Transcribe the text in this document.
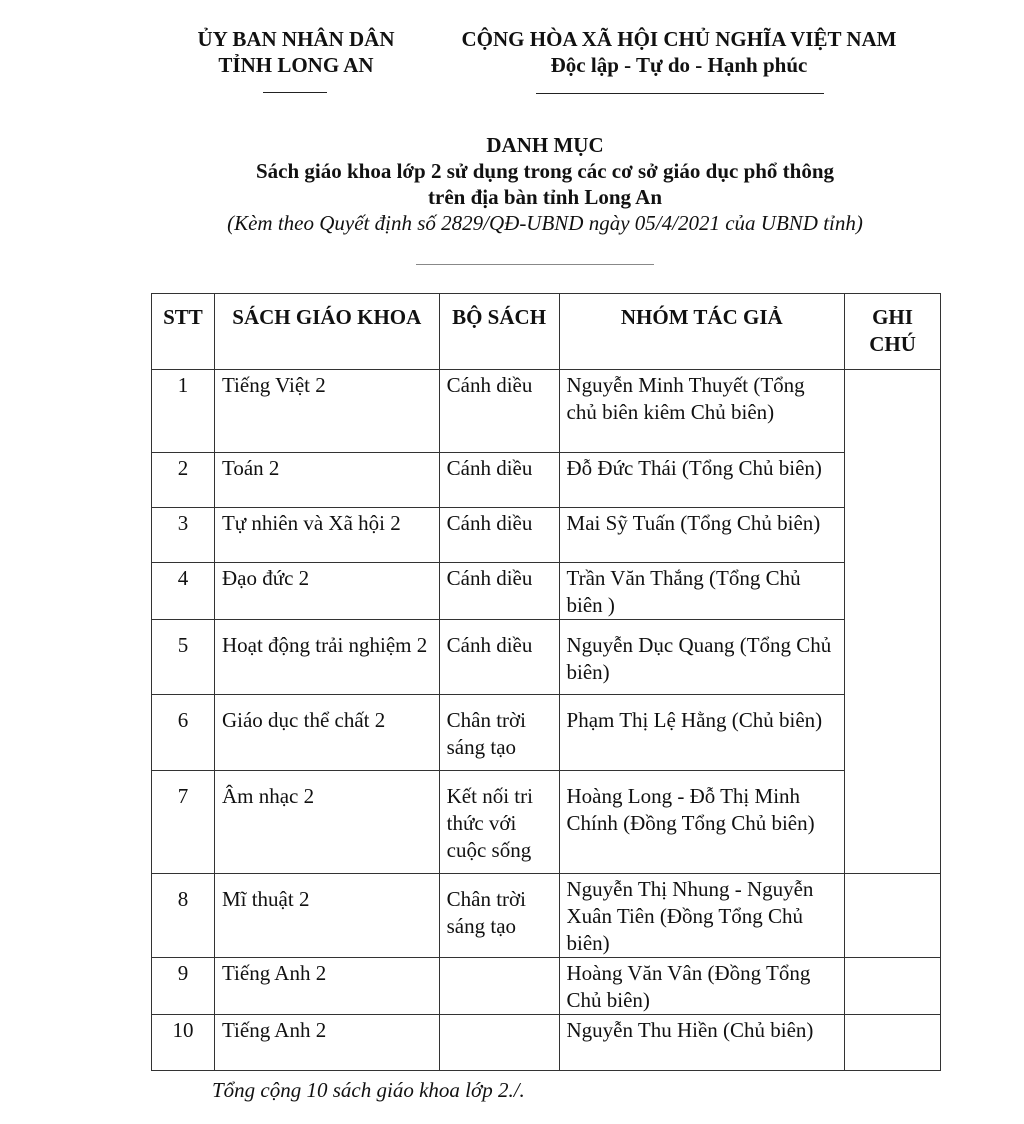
ỦY BAN NHÂN DÂN
TỈNH LONG AN
CỘNG HÒA XÃ HỘI CHỦ NGHĨA VIỆT NAM
Độc lập - Tự do - Hạnh phúc
DANH MỤC
Sách giáo khoa lớp 2 sử dụng trong các cơ sở giáo dục phổ thông
trên địa bàn tỉnh Long An
(Kèm theo Quyết định số 2829/QĐ-UBND ngày 05/4/2021 của UBND tỉnh)
STT	SÁCH GIÁO KHOA	BỘ SÁCH	NHÓM TÁC GIẢ	GHI CHÚ
1	Tiếng Việt 2	Cánh diều	Nguyễn Minh Thuyết (Tổng chủ biên kiêm Chủ biên)	
2	Toán 2	Cánh diều	Đỗ Đức Thái (Tổng Chủ biên)	
3	Tự nhiên và Xã hội 2	Cánh diều	Mai Sỹ Tuấn (Tổng Chủ biên)	
4	Đạo đức 2	Cánh diều	Trần Văn Thắng (Tổng Chủ biên )	
5	Hoạt động trải nghiệm 2	Cánh diều	Nguyễn Dục Quang (Tổng Chủ biên)	
6	Giáo dục thể chất 2	Chân trời sáng tạo	Phạm Thị Lệ Hằng (Chủ biên)	
7	Âm nhạc 2	Kết nối tri thức với cuộc sống	Hoàng Long - Đỗ Thị Minh Chính (Đồng Tổng Chủ biên)	
8	Mĩ thuật 2	Chân trời sáng tạo	Nguyễn Thị Nhung - Nguyễn Xuân Tiên (Đồng Tổng Chủ biên)	
9	Tiếng Anh 2		Hoàng Văn Vân (Đồng Tổng Chủ biên)	
10	Tiếng Anh 2		Nguyễn Thu Hiền (Chủ biên)	
Tổng cộng 10 sách giáo khoa lớp 2./.
